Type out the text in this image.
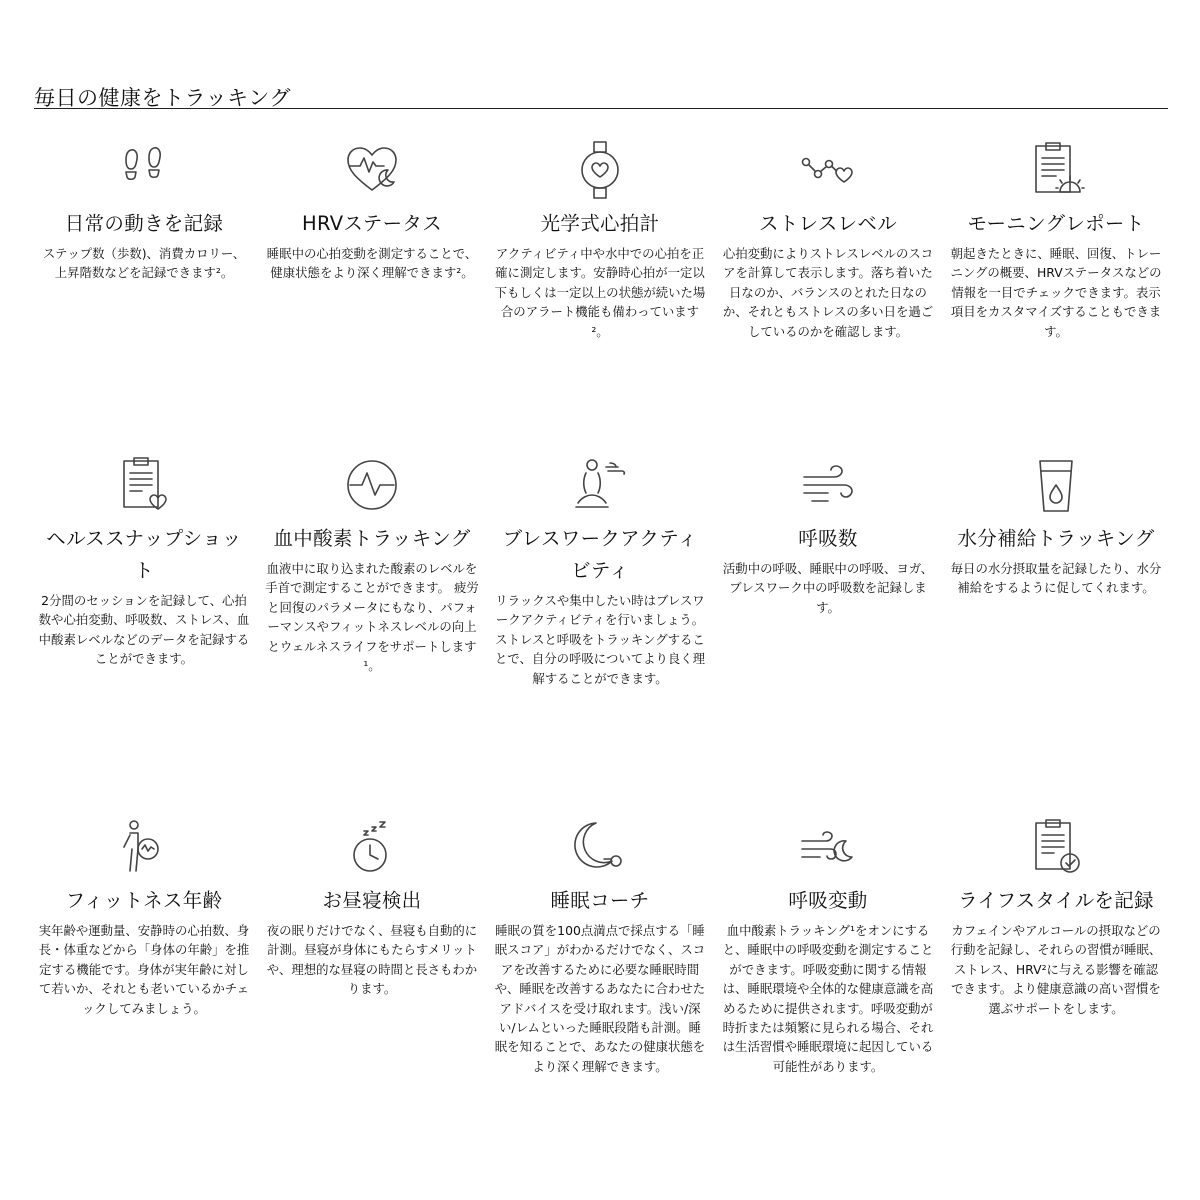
毎日の健康をトラッキング
日常の動きを記録
ステップ数（歩数)、消費カロリー、上昇階数などを記録できます²。
HRVステータス
睡眠中の心拍変動を測定することで、健康状態をより深く理解できます²。
光学式心拍計
アクティビティ中や水中での心拍を正確に測定します。安静時心拍が一定以下もしくは一定以上の状態が続いた場合のアラート機能も備わっています²。
ストレスレベル
心拍変動によりストレスレベルのスコアを計算して表示します。落ち着いた日なのか、バランスのとれた日なのか、それともストレスの多い日を過ごしているのかを確認します。
モーニングレポート
朝起きたときに、睡眠、回復、トレーニングの概要、HRVステータスなどの情報を一目でチェックできます。表示項目をカスタマイズすることもできます。
ヘルススナップショット
2分間のセッションを記録して、心拍数や心拍変動、呼吸数、ストレス、血中酸素レベルなどのデータを記録することができます。
血中酸素トラッキング
血液中に取り込まれた酸素のレベルを手首で測定することができます。 疲労と回復のパラメータにもなり、パフォーマンスやフィットネスレベルの向上とウェルネスライフをサポートします¹。
ブレスワークアクティビティ
リラックスや集中したい時はブレスワークアクティビティを行いましょう。ストレスと呼吸をトラッキングすることで、自分の呼吸についてより良く理解することができます。
呼吸数
活動中の呼吸、睡眠中の呼吸、ヨガ、ブレスワーク中の呼吸数を記録します。
水分補給トラッキング
毎日の水分摂取量を記録したり、水分補給をするように促してくれます。
フィットネス年齢
実年齢や運動量、安静時の心拍数、身長・体重などから「身体の年齢」を推定する機能です。身体が実年齢に対して若いか、それとも老いているかチェックしてみましょう。
お昼寝検出
夜の眠りだけでなく、昼寝も自動的に計測。昼寝が身体にもたらすメリットや、理想的な昼寝の時間と長さもわかります。
睡眠コーチ
睡眠の質を100点満点で採点する「睡眠スコア」がわかるだけでなく、スコアを改善するために必要な睡眠時間や、睡眠を改善するあなたに合わせたアドバイスを受け取れます。浅い/深い/レムといった睡眠段階も計測。睡眠を知ることで、あなたの健康状態をより深く理解できます。
呼吸変動
血中酸素トラッキング¹をオンにすると、睡眠中の呼吸変動を測定することができます。呼吸変動に関する情報は、睡眠環境や全体的な健康意識を高めるために提供されます。呼吸変動が時折または頻繁に見られる場合、それは生活習慣や睡眠環境に起因している可能性があります。
ライフスタイルを記録
カフェインやアルコールの摂取などの行動を記録し、それらの習慣が睡眠、ストレス、HRV²に与える影響を確認できます。より健康意識の高い習慣を選ぶサポートをします。
